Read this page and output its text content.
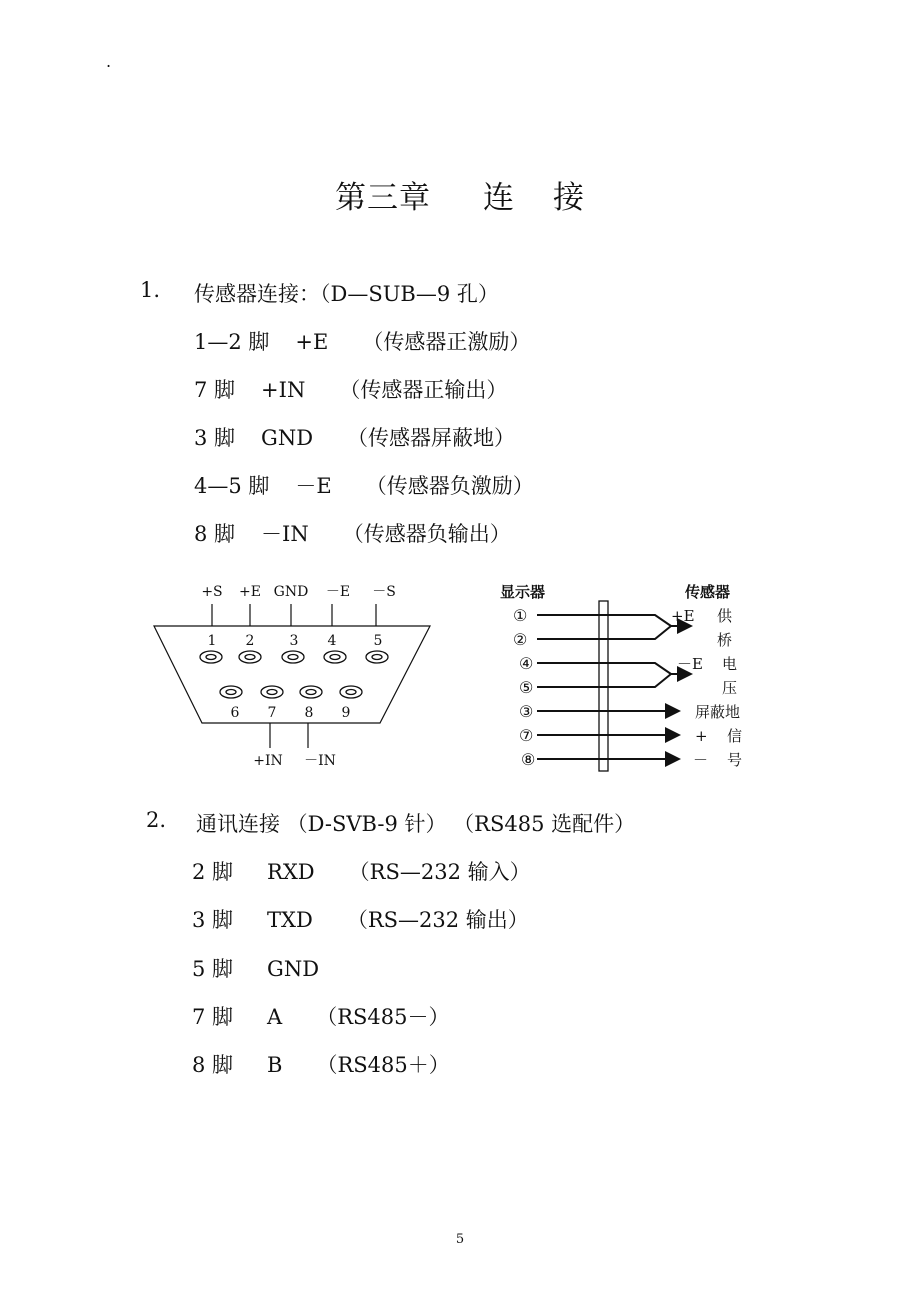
.
第三章 连 接
1. 传感器连接：（D—SUB—9 孔）
1—2 脚 +E （传感器正激励）
7 脚 +IN （传感器正输出）
3 脚 GND （传感器屏蔽地）
4—5 脚 －E （传感器负激励）
8 脚 －IN （传感器负输出）
+S +E GND －E －S
1 2	3 4	5
6 7 8 9
+IN －IN
显示器	传感器
①
②
④
⑤
③
⑦
⑧
+E 供
桥
－E 电
压
屏蔽地
+ 信
－ 号
2. 通讯连接 （D-SVB-9 针） （RS485 选配件）
2 脚 RXD （RS—232 输入）
3 脚 TXD （RS—232 输出）
5 脚 GND
7 脚 A （RS485－）
8 脚 B （RS485＋）
5
